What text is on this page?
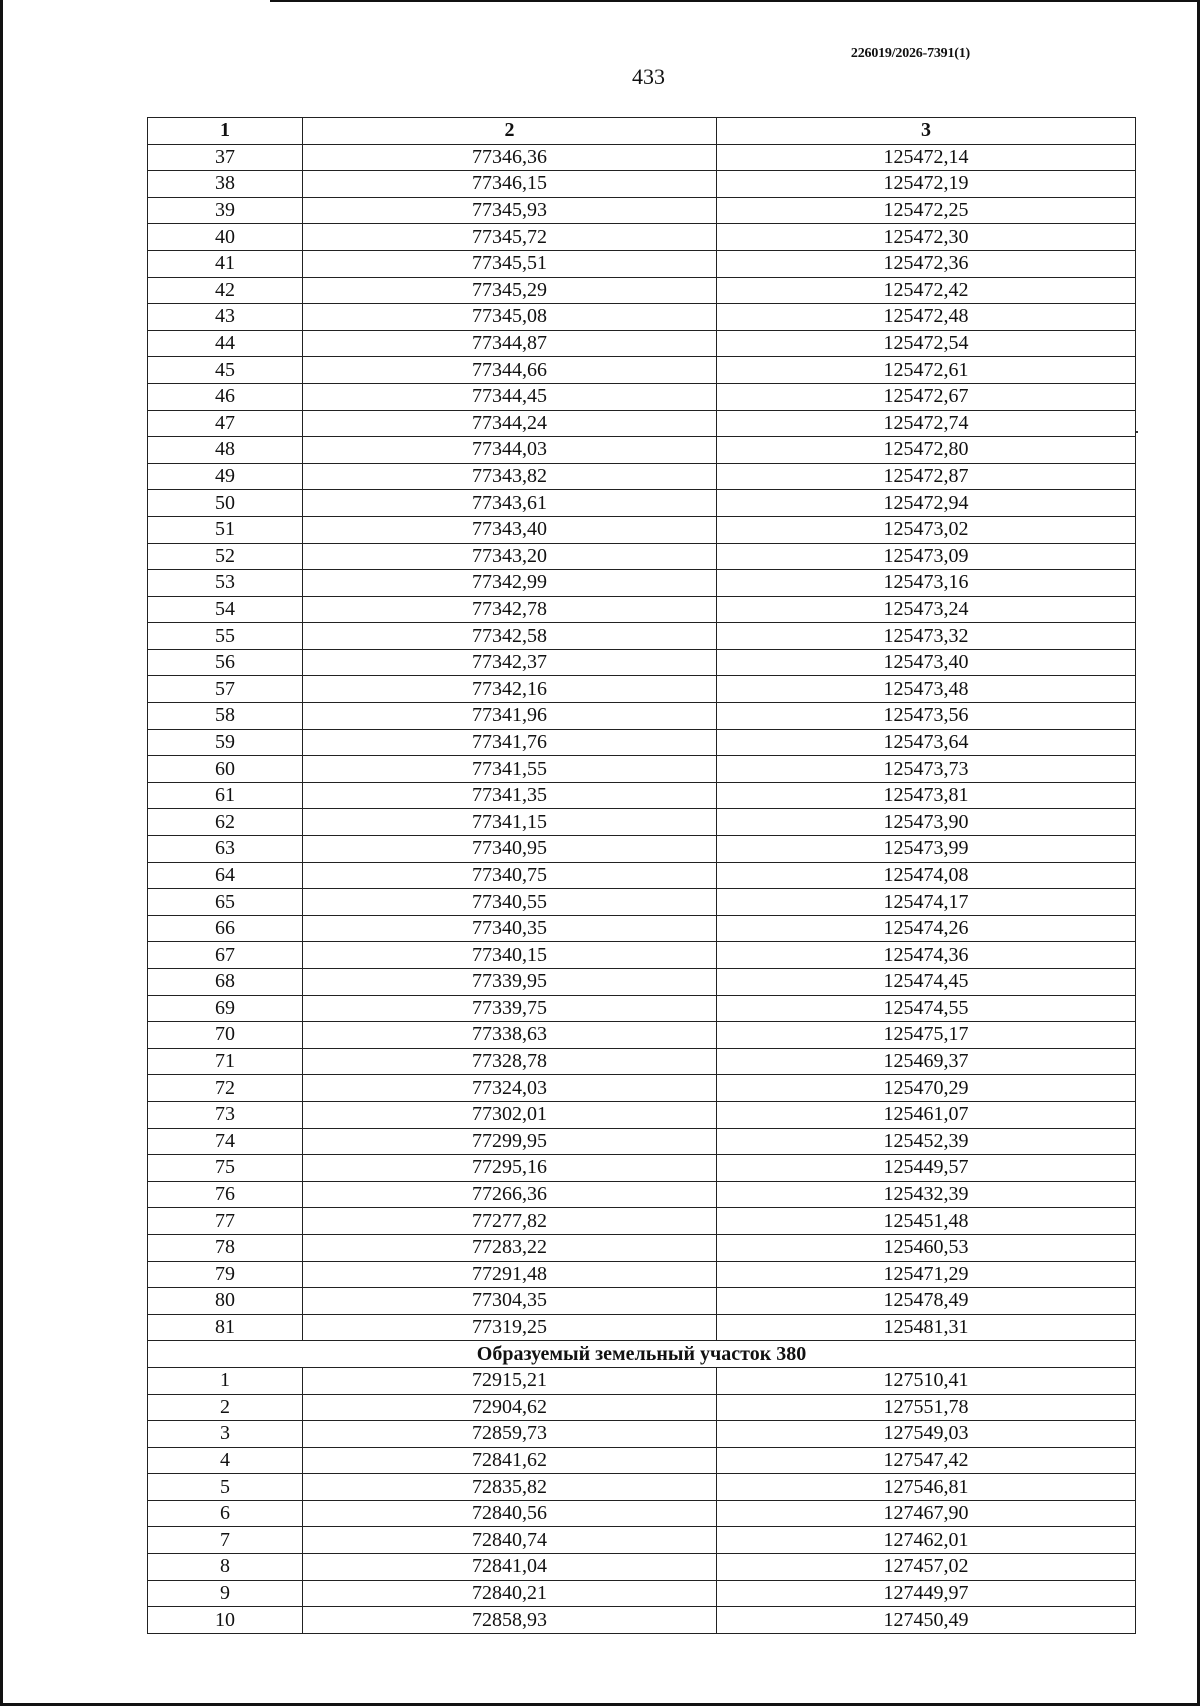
226019/2026-7391(1)
433
1	2	3
37	77346,36	125472,14
38	77346,15	125472,19
39	77345,93	125472,25
40	77345,72	125472,30
41	77345,51	125472,36
42	77345,29	125472,42
43	77345,08	125472,48
44	77344,87	125472,54
45	77344,66	125472,61
46	77344,45	125472,67
47	77344,24	125472,74
48	77344,03	125472,80
49	77343,82	125472,87
50	77343,61	125472,94
51	77343,40	125473,02
52	77343,20	125473,09
53	77342,99	125473,16
54	77342,78	125473,24
55	77342,58	125473,32
56	77342,37	125473,40
57	77342,16	125473,48
58	77341,96	125473,56
59	77341,76	125473,64
60	77341,55	125473,73
61	77341,35	125473,81
62	77341,15	125473,90
63	77340,95	125473,99
64	77340,75	125474,08
65	77340,55	125474,17
66	77340,35	125474,26
67	77340,15	125474,36
68	77339,95	125474,45
69	77339,75	125474,55
70	77338,63	125475,17
71	77328,78	125469,37
72	77324,03	125470,29
73	77302,01	125461,07
74	77299,95	125452,39
75	77295,16	125449,57
76	77266,36	125432,39
77	77277,82	125451,48
78	77283,22	125460,53
79	77291,48	125471,29
80	77304,35	125478,49
81	77319,25	125481,31
Образуемый земельный участок 380		
1	72915,21	127510,41
2	72904,62	127551,78
3	72859,73	127549,03
4	72841,62	127547,42
5	72835,82	127546,81
6	72840,56	127467,90
7	72840,74	127462,01
8	72841,04	127457,02
9	72840,21	127449,97
10	72858,93	127450,49
